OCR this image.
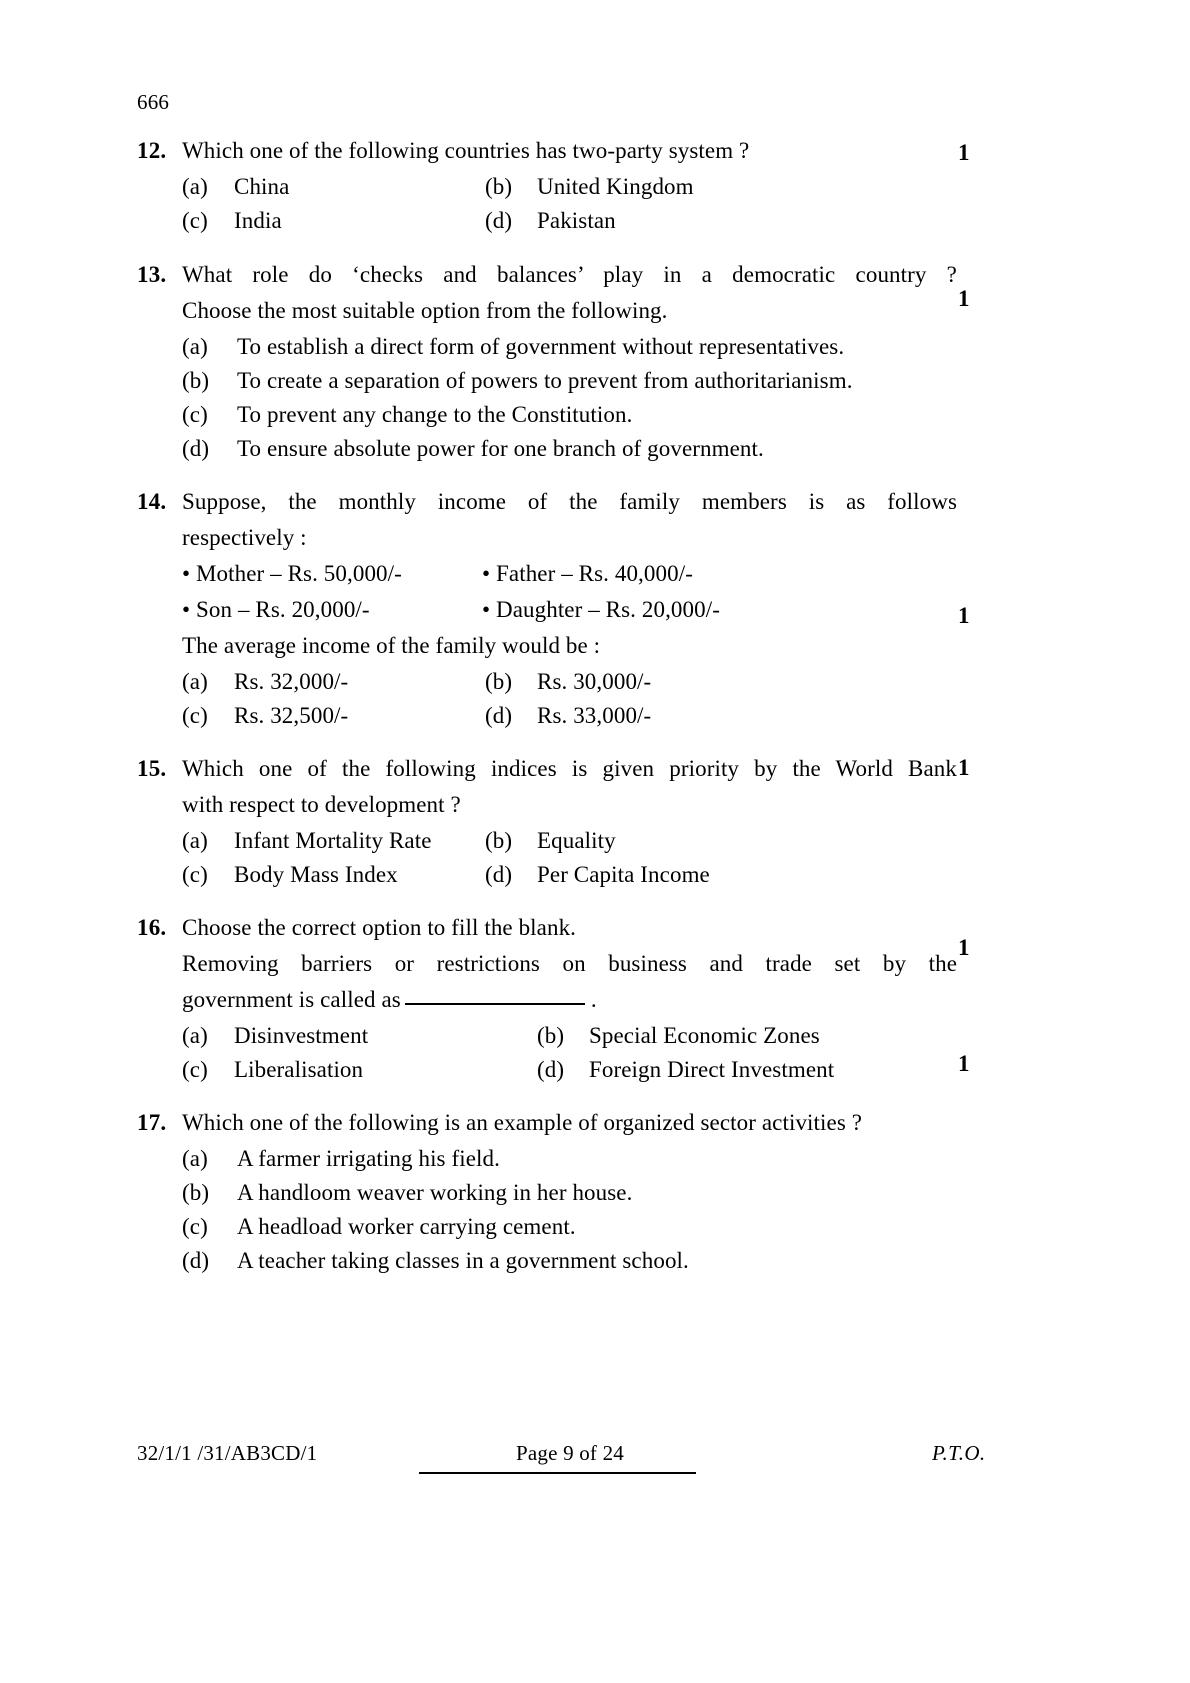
666
12. Which one of the following countries has two-party system ?
(a)	China	(b)	United Kingdom
(c)	India	(d)	Pakistan
13. What role do ‘checks and balances’ play in a democratic country ?
Choose the most suitable option from the following.
(a)	To establish a direct form of government without representatives.
(b)	To create a separation of powers to prevent from authoritarianism.
(c)	To prevent any change to the Constitution.
(d)	To ensure absolute power for one branch of government.
14. Suppose, the monthly income of the family members is as follows
respectively :
• Mother – Rs. 50,000/-	• Father – Rs. 40,000/-
• Son – Rs. 20,000/-	• Daughter – Rs. 20,000/-
The average income of the family would be :
(a)	Rs. 32,000/-	(b)	Rs. 30,000/-
(c)	Rs. 32,500/-	(d)	Rs. 33,000/-
15. Which one of the following indices is given priority by the World Bank
with respect to development ?
(a)	Infant Mortality Rate	(b)	Equality
(c)	Body Mass Index	(d)	Per Capita Income
16. Choose the correct option to fill the blank.
Removing barriers or restrictions on business and trade set by the
government is called as	.
(a)	Disinvestment	(b)	Special Economic Zones
(c)	Liberalisation	(d)	Foreign Direct Investment
17. Which one of the following is an example of organized sector activities ?
(a)	A farmer irrigating his field.
(b)	A handloom weaver working in her house.
(c)	A headload worker carrying cement.
(d)	A teacher taking classes in a government school.
1
1
1
1
1
1
32/1/1 /31/AB3CD/1	Page 9 of 24	P.T.O.
